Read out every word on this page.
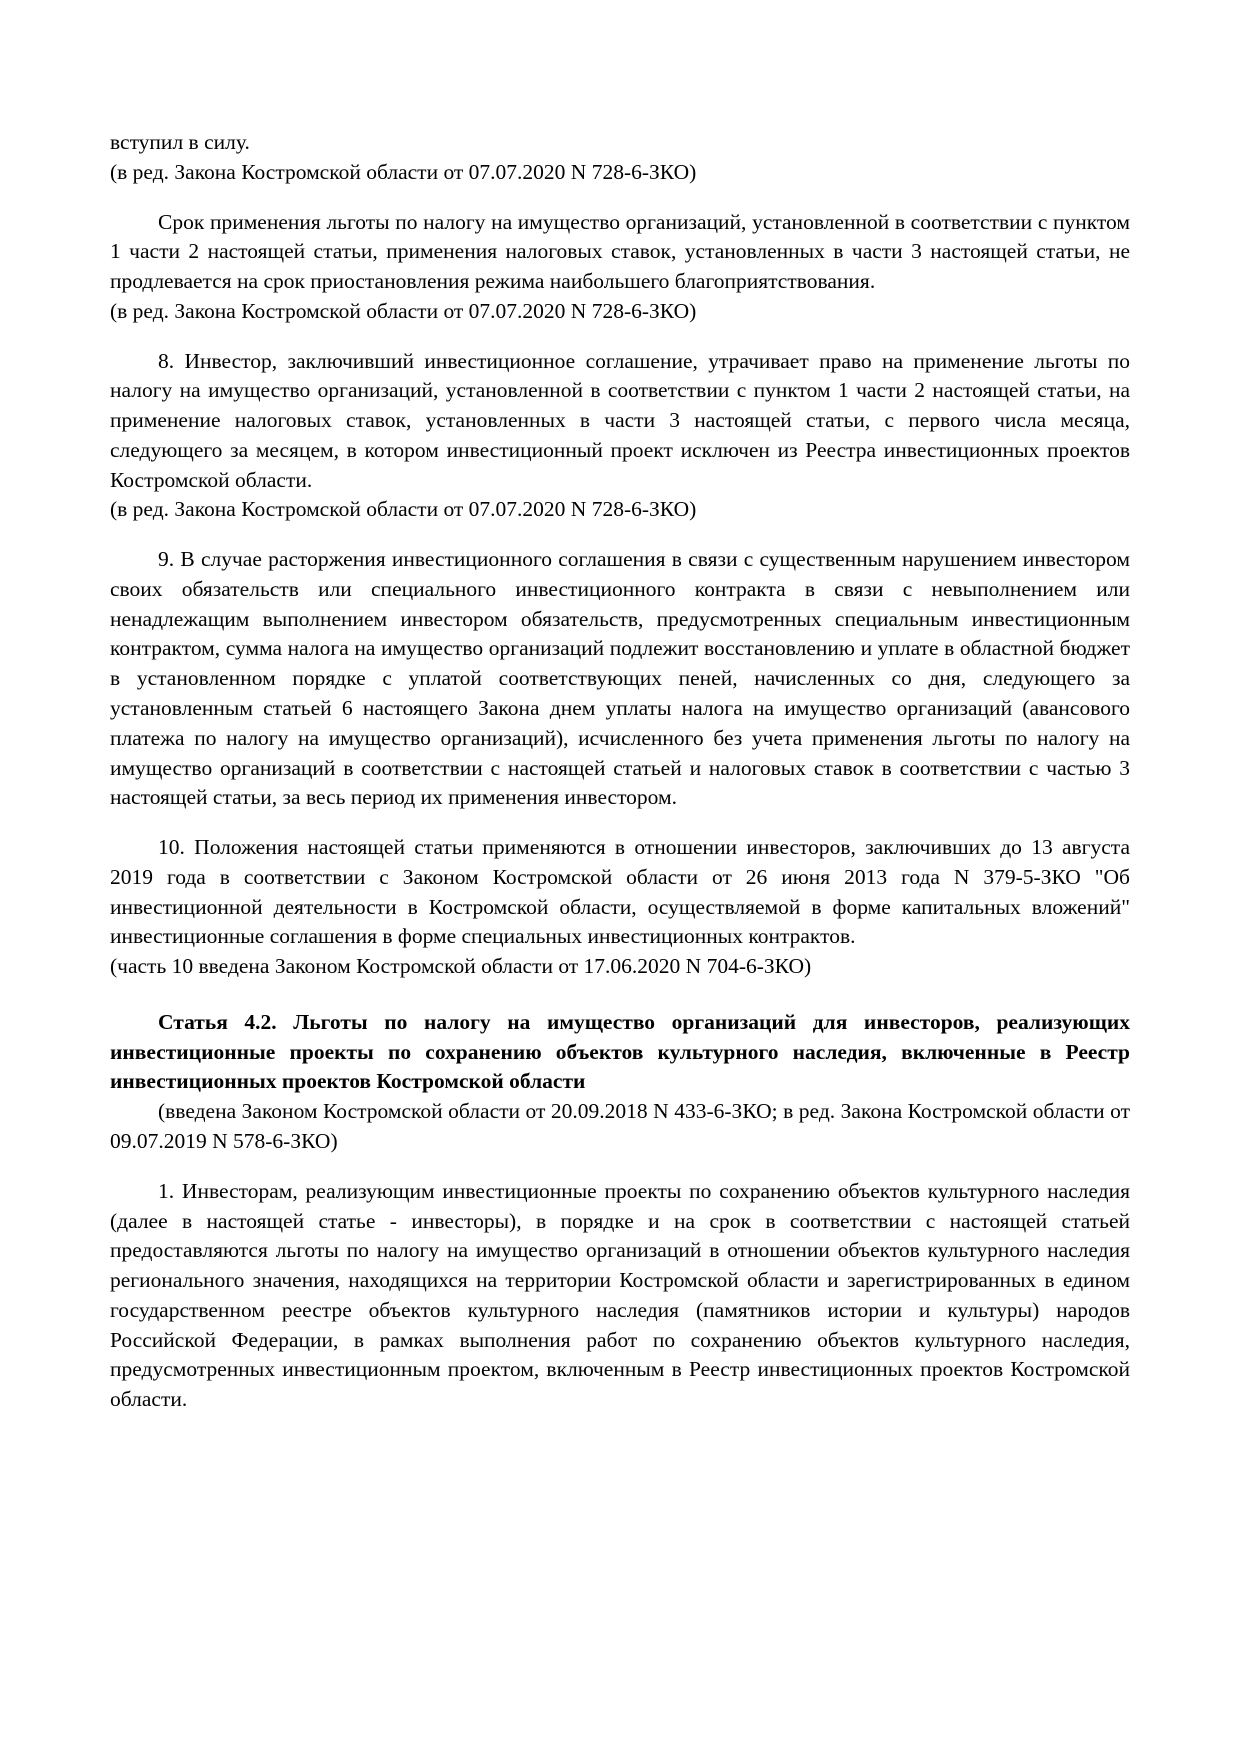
вступил в силу.

(в ред. Закона Костромской области от 07.07.2020 N 728-6-ЗКО)

Срок применения льготы по налогу на имущество организаций, установленной в соответствии с пунктом 1 части 2 настоящей статьи, применения налоговых ставок, установленных в части 3 настоящей статьи, не продлевается на срок приостановления режима наибольшего благоприятствования.

(в ред. Закона Костромской области от 07.07.2020 N 728-6-ЗКО)

8. Инвестор, заключивший инвестиционное соглашение, утрачивает право на применение льготы по налогу на имущество организаций, установленной в соответствии с пунктом 1 части 2 настоящей статьи, на применение налоговых ставок, установленных в части 3 настоящей статьи, с первого числа месяца, следующего за месяцем, в котором инвестиционный проект исключен из Реестра инвестиционных проектов Костромской области.

(в ред. Закона Костромской области от 07.07.2020 N 728-6-ЗКО)

9. В случае расторжения инвестиционного соглашения в связи с существенным нарушением инвестором своих обязательств или специального инвестиционного контракта в связи с невыполнением или ненадлежащим выполнением инвестором обязательств, предусмотренных специальным инвестиционным контрактом, сумма налога на имущество организаций подлежит восстановлению и уплате в областной бюджет в установленном порядке с уплатой соответствующих пеней, начисленных со дня, следующего за установленным статьей 6 настоящего Закона днем уплаты налога на имущество организаций (авансового платежа по налогу на имущество организаций), исчисленного без учета применения льготы по налогу на имущество организаций в соответствии с настоящей статьей и налоговых ставок в соответствии с частью 3 настоящей статьи, за весь период их применения инвестором.

10. Положения настоящей статьи применяются в отношении инвесторов, заключивших до 13 августа 2019 года в соответствии с Законом Костромской области от 26 июня 2013 года N 379-5-ЗКО "Об инвестиционной деятельности в Костромской области, осуществляемой в форме капитальных вложений" инвестиционные соглашения в форме специальных инвестиционных контрактов.

(часть 10 введена Законом Костромской области от 17.06.2020 N 704-6-ЗКО)

Статья 4.2. Льготы по налогу на имущество организаций для инвесторов, реализующих инвестиционные проекты по сохранению объектов культурного наследия, включенные в Реестр инвестиционных проектов Костромской области

(введена Законом Костромской области от 20.09.2018 N 433-6-ЗКО; в ред. Закона Костромской области от 09.07.2019 N 578-6-ЗКО)

1. Инвесторам, реализующим инвестиционные проекты по сохранению объектов культурного наследия (далее в настоящей статье - инвесторы), в порядке и на срок в соответствии с настоящей статьей предоставляются льготы по налогу на имущество организаций в отношении объектов культурного наследия регионального значения, находящихся на территории Костромской области и зарегистрированных в едином государственном реестре объектов культурного наследия (памятников истории и культуры) народов Российской Федерации, в рамках выполнения работ по сохранению объектов культурного наследия, предусмотренных инвестиционным проектом, включенным в Реестр инвестиционных проектов Костромской области.
